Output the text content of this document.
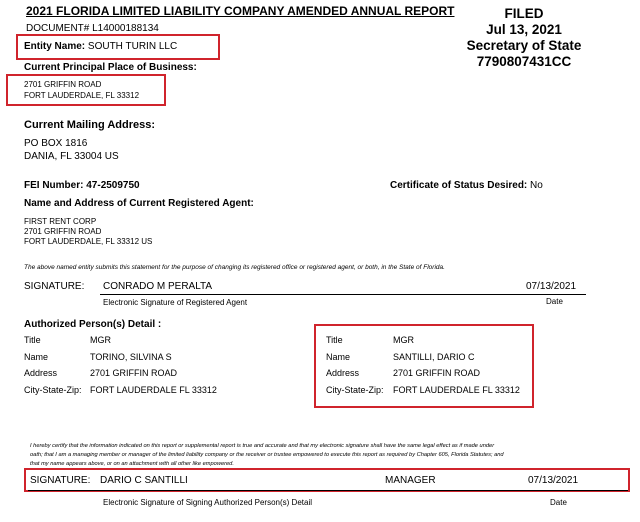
2021 FLORIDA LIMITED LIABILITY COMPANY AMENDED ANNUAL REPORT
DOCUMENT# L14000188134
FILED
Jul 13, 2021
Secretary of State
7790807431CC
Entity Name: SOUTH TURIN LLC
Current Principal Place of Business:
2701 GRIFFIN ROAD
FORT LAUDERDALE, FL 33312
Current Mailing Address:
PO BOX 1816
DANIA, FL 33004 US
FEI Number: 47-2509750	Certificate of Status Desired: No
Name and Address of Current Registered Agent:
FIRST RENT CORP
2701 GRIFFIN ROAD
FORT LAUDERDALE, FL 33312 US
The above named entity submits this statement for the purpose of changing its registered office or registered agent, or both, in the State of Florida.
SIGNATURE: CONRADO M PERALTA	07/13/2021
Electronic Signature of Registered Agent	Date
Authorized Person(s) Detail :
Title	MGR
Name	TORINO, SILVINA S
Address	2701 GRIFFIN ROAD
City-State-Zip: FORT LAUDERDALE FL 33312
Title	MGR
Name	SANTILLI, DARIO C
Address	2701 GRIFFIN ROAD
City-State-Zip: FORT LAUDERDALE FL 33312
I hereby certify that the information indicated on this report or supplemental report is true and accurate and that my electronic signature shall have the same legal effect as if made under
oath; that I am a managing member or manager of the limited liability company or the receiver or trustee empowered to execute this report as required by Chapter 605, Florida Statutes; and
that my name appears above, or on an attachment with all other like empowered.
SIGNATURE: DARIO C SANTILLI	MANAGER	07/13/2021
Electronic Signature of Signing Authorized Person(s) Detail	Date
